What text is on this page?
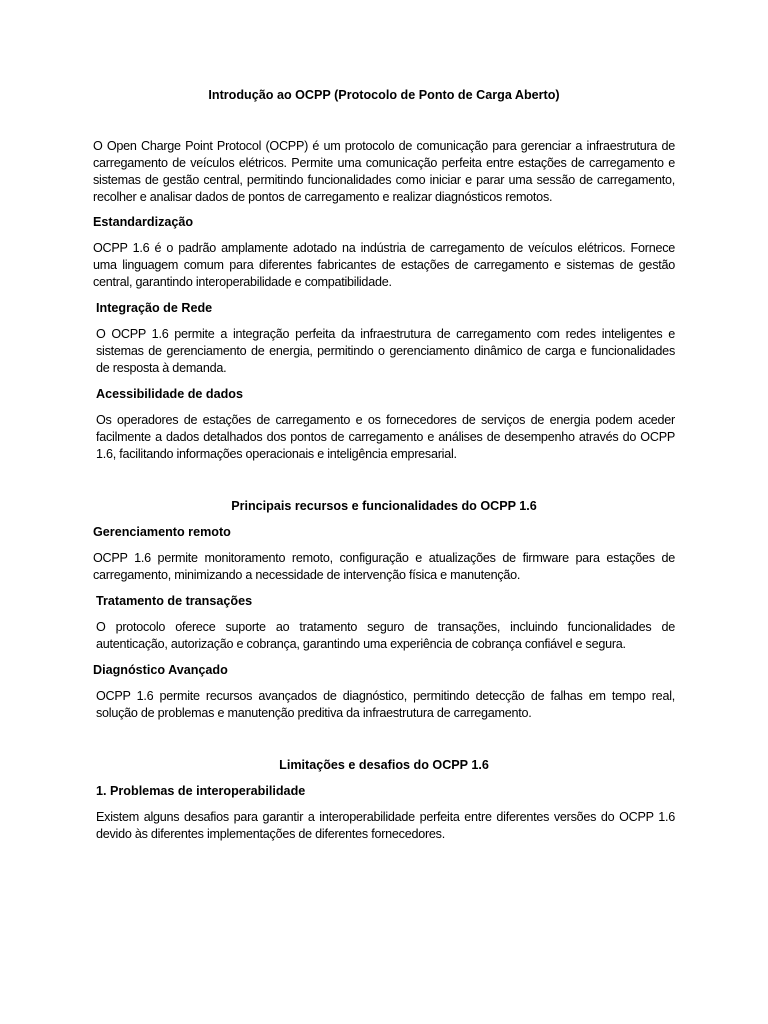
Introdução ao OCPP (Protocolo de Ponto de Carga Aberto)

O Open Charge Point Protocol (OCPP) é um protocolo de comunicação para gerenciar a infraestrutura de carregamento de veículos elétricos. Permite uma comunicação perfeita entre estações de carregamento e sistemas de gestão central, permitindo funcionalidades como iniciar e parar uma sessão de carregamento, recolher e analisar dados de pontos de carregamento e realizar diagnósticos remotos.

Estandardização

OCPP 1.6 é o padrão amplamente adotado na indústria de carregamento de veículos elétricos. Fornece uma linguagem comum para diferentes fabricantes de estações de carregamento e sistemas de gestão central, garantindo interoperabilidade e compatibilidade.

Integração de Rede

O OCPP 1.6 permite a integração perfeita da infraestrutura de carregamento com redes inteligentes e sistemas de gerenciamento de energia, permitindo o gerenciamento dinâmico de carga e funcionalidades de resposta à demanda.

Acessibilidade de dados

Os operadores de estações de carregamento e os fornecedores de serviços de energia podem aceder facilmente a dados detalhados dos pontos de carregamento e análises de desempenho através do OCPP 1.6, facilitando informações operacionais e inteligência empresarial.

Principais recursos e funcionalidades do OCPP 1.6

Gerenciamento remoto

OCPP 1.6 permite monitoramento remoto, configuração e atualizações de firmware para estações de carregamento, minimizando a necessidade de intervenção física e manutenção.

Tratamento de transações

O protocolo oferece suporte ao tratamento seguro de transações, incluindo funcionalidades de autenticação, autorização e cobrança, garantindo uma experiência de cobrança confiável e segura.

Diagnóstico Avançado

OCPP 1.6 permite recursos avançados de diagnóstico, permitindo detecção de falhas em tempo real, solução de problemas e manutenção preditiva da infraestrutura de carregamento.

Limitações e desafios do OCPP 1.6

1. Problemas de interoperabilidade

Existem alguns desafios para garantir a interoperabilidade perfeita entre diferentes versões do OCPP 1.6 devido às diferentes implementações de diferentes fornecedores.
